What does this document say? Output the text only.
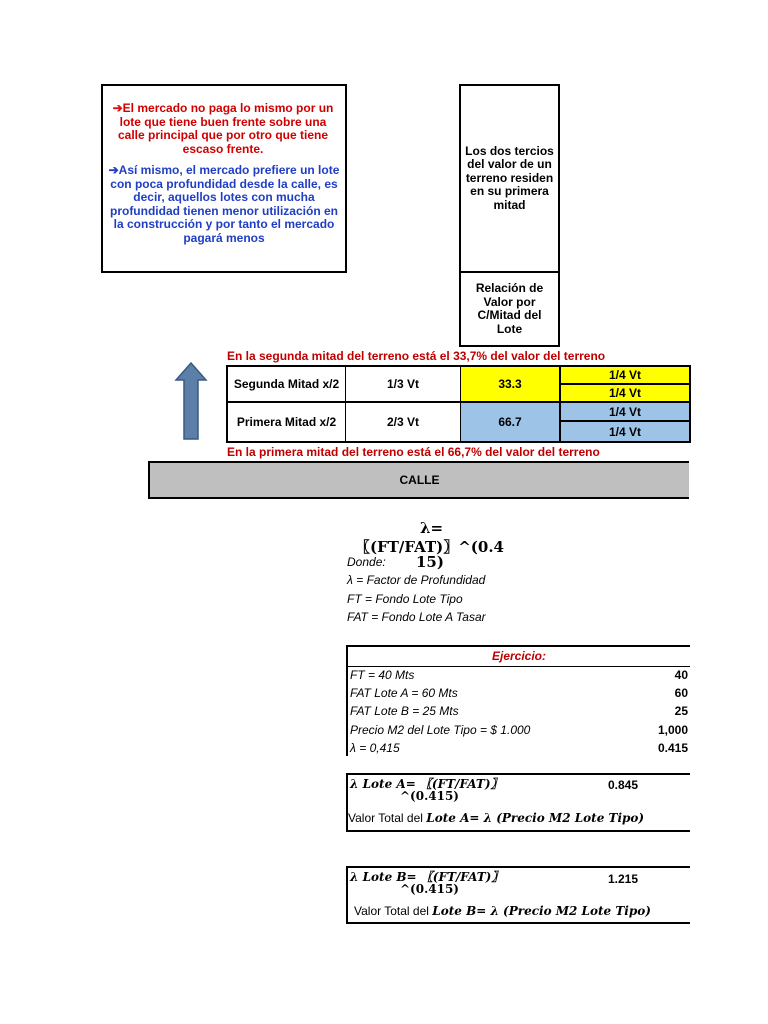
➔El mercado no paga lo mismo por un lote que tiene buen frente sobre una calle principal que por otro que tiene escaso frente.
➔Así mismo, el mercado prefiere un lote con poca profundidad desde la calle, es decir, aquellos lotes con mucha profundidad tienen menor utilización en la construcción y por tanto el mercado pagará menos
Los dos tercios del valor de un terreno residen en su primera mitad
Relación de Valor por C/Mitad del Lote
En la segunda mitad del terreno está el 33,7% del valor del terreno
Segunda Mitad x/2	1/3 Vt	33.3
1/4 Vt
1/4 Vt
Primera Mitad x/2	2/3 Vt	66.7
1/4 Vt
1/4 Vt
En la primera mitad del terreno está el 66,7% del valor del terreno
CALLE
λ=
〖(FT/FAT)〗^(0.4
15)
Donde:
λ = Factor de Profundidad
FT = Fondo Lote Tipo
FAT = Fondo Lote A Tasar
Ejercicio:
FT = 40 Mts	40
FAT Lote A = 60 Mts	60
FAT Lote B = 25 Mts	25
Precio M2 del Lote Tipo = $ 1.000	1,000
λ = 0,415	0.415
λ Lote A= 〖(FT/FAT)〗
^(0.415)
0.845
Valor Total del Lote A= λ (Precio M2 Lote Tipo)
λ Lote B= 〖(FT/FAT)〗
^(0.415)
1.215
Valor Total del Lote B= λ (Precio M2 Lote Tipo)
